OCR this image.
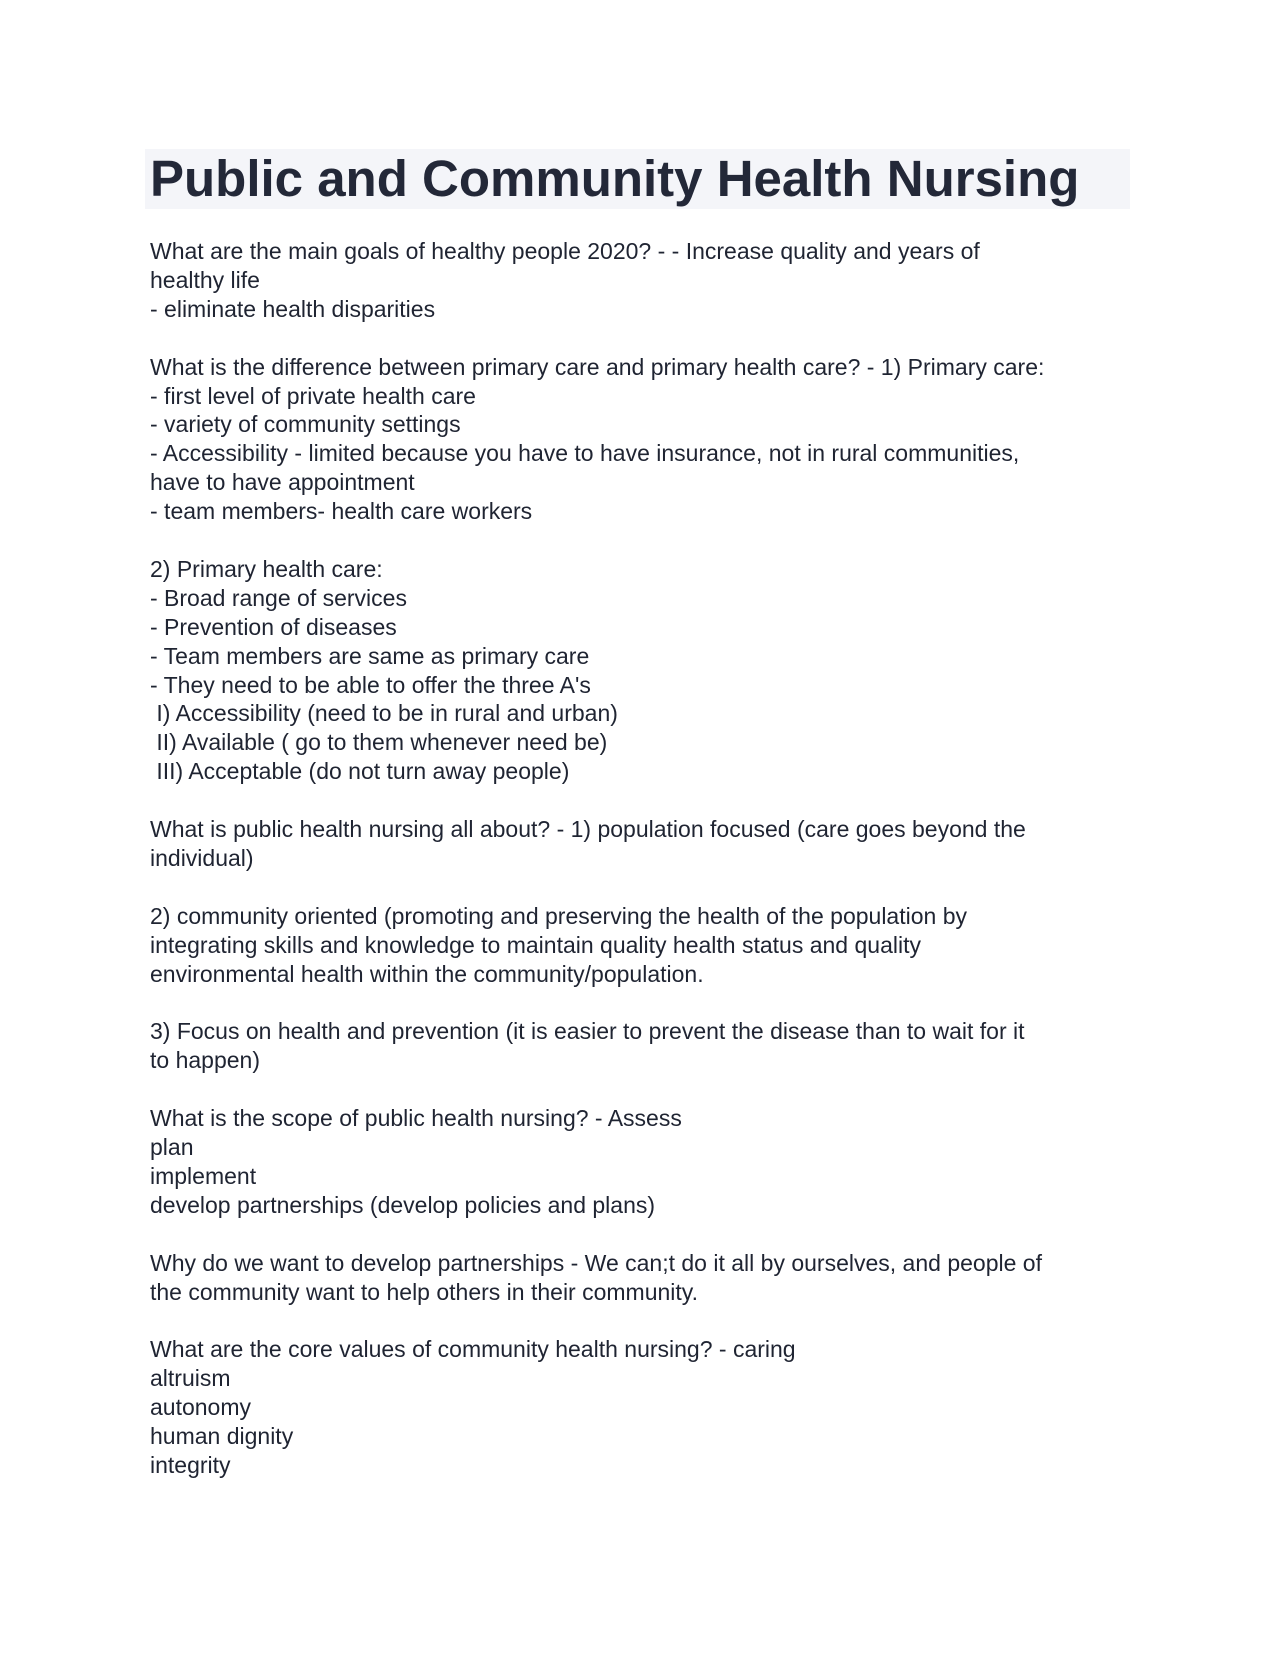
Public and Community Health Nursing

What are the main goals of healthy people 2020? - - Increase quality and years of
healthy life
- eliminate health disparities

What is the difference between primary care and primary health care? - 1) Primary care:
- first level of private health care
- variety of community settings
- Accessibility - limited because you have to have insurance, not in rural communities,
have to have appointment
- team members- health care workers

2) Primary health care:
- Broad range of services
- Prevention of diseases
- Team members are same as primary care
- They need to be able to offer the three A's
I) Accessibility (need to be in rural and urban)
II) Available ( go to them whenever need be)
III) Acceptable (do not turn away people)

What is public health nursing all about? - 1) population focused (care goes beyond the
individual)

2) community oriented (promoting and preserving the health of the population by
integrating skills and knowledge to maintain quality health status and quality
environmental health within the community/population.

3) Focus on health and prevention (it is easier to prevent the disease than to wait for it
to happen)

What is the scope of public health nursing? - Assess
plan
implement
develop partnerships (develop policies and plans)

Why do we want to develop partnerships - We can;t do it all by ourselves, and people of
the community want to help others in their community.

What are the core values of community health nursing? - caring
altruism
autonomy
human dignity
integrity
